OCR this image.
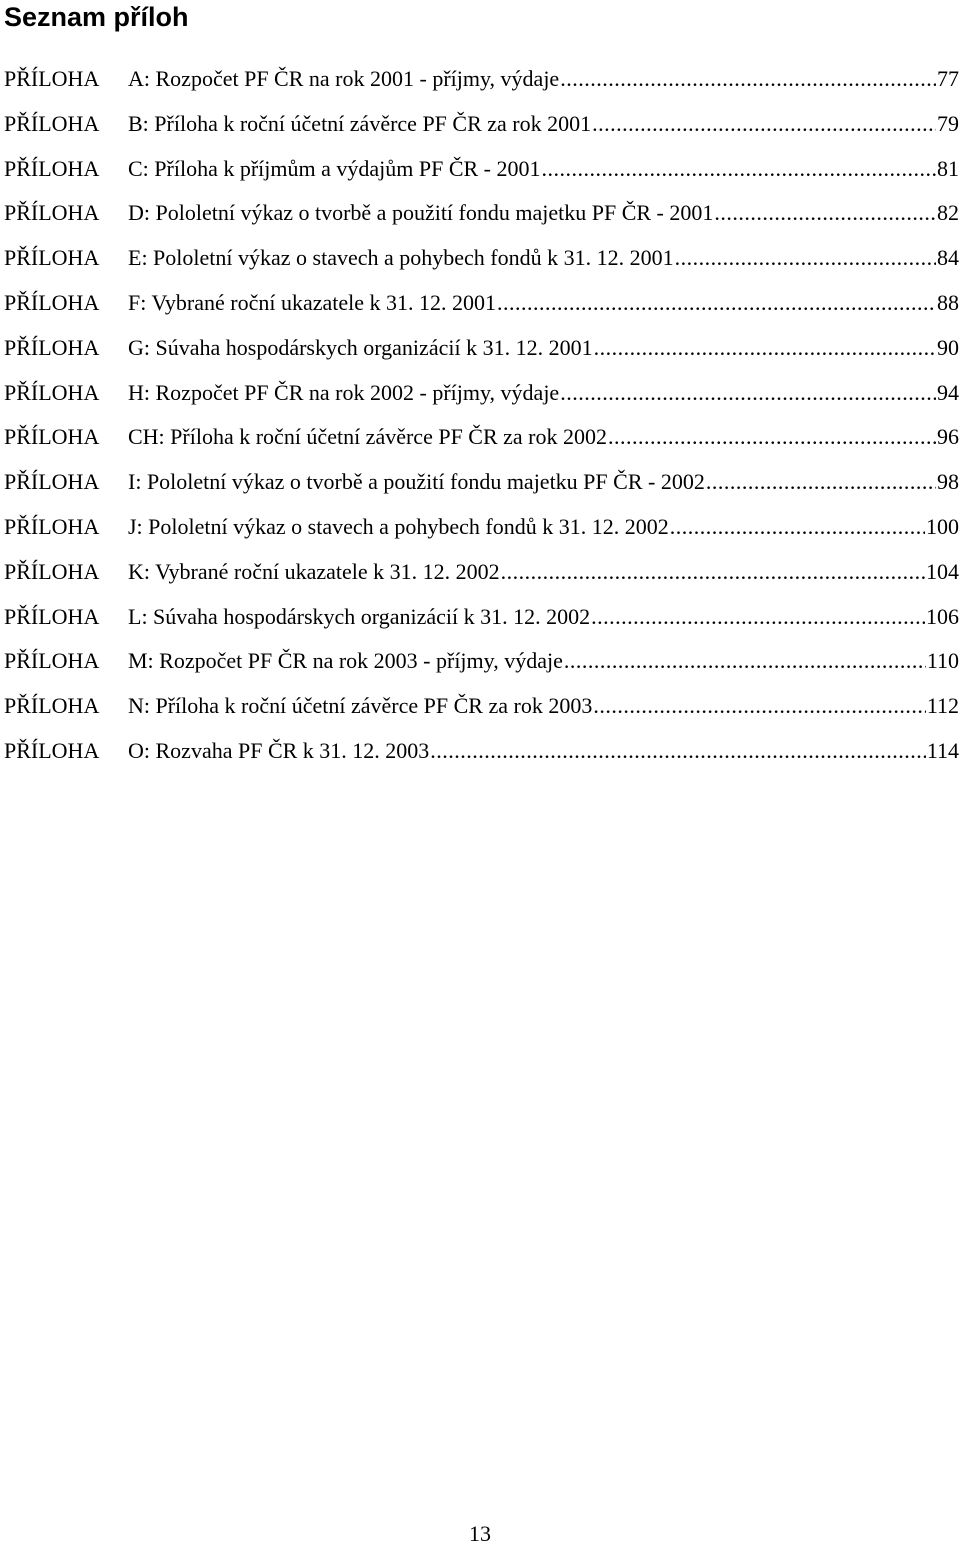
Seznam příloh
PŘÍLOHA	A: Rozpočet PF ČR na rok 2001 - příjmy, výdaje .....	77
PŘÍLOHA	B: Příloha k roční účetní závěrce PF ČR za rok 2001 .....	79
PŘÍLOHA	C: Příloha k příjmům a výdajům PF ČR - 2001 .....	81
PŘÍLOHA	D: Pololetní výkaz o tvorbě a použití fondu majetku PF ČR - 2001 .....	82
PŘÍLOHA	E: Pololetní výkaz o stavech a pohybech fondů k 31. 12. 2001 .....	84
PŘÍLOHA	F: Vybrané roční ukazatele k 31. 12. 2001 .....	88
PŘÍLOHA	G: Súvaha hospodárskych organizácií k 31. 12. 2001 .....	90
PŘÍLOHA	H: Rozpočet PF ČR na rok 2002 - příjmy, výdaje .....	94
PŘÍLOHA	CH: Příloha k roční účetní závěrce PF ČR za rok 2002 .....	96
PŘÍLOHA	I: Pololetní výkaz o tvorbě a použití fondu majetku PF ČR - 2002 .....	98
PŘÍLOHA	J: Pololetní výkaz o stavech a pohybech fondů k 31. 12. 2002 .....	100
PŘÍLOHA	K: Vybrané roční ukazatele k 31. 12. 2002 .....	104
PŘÍLOHA	L: Súvaha hospodárskych organizácií k 31. 12. 2002 .....	106
PŘÍLOHA	M: Rozpočet PF ČR na rok 2003 - příjmy, výdaje .....	110
PŘÍLOHA	N: Příloha k roční účetní závěrce PF ČR za rok 2003 .....	112
PŘÍLOHA	O: Rozvaha PF ČR k 31. 12. 2003 .....	114
13
